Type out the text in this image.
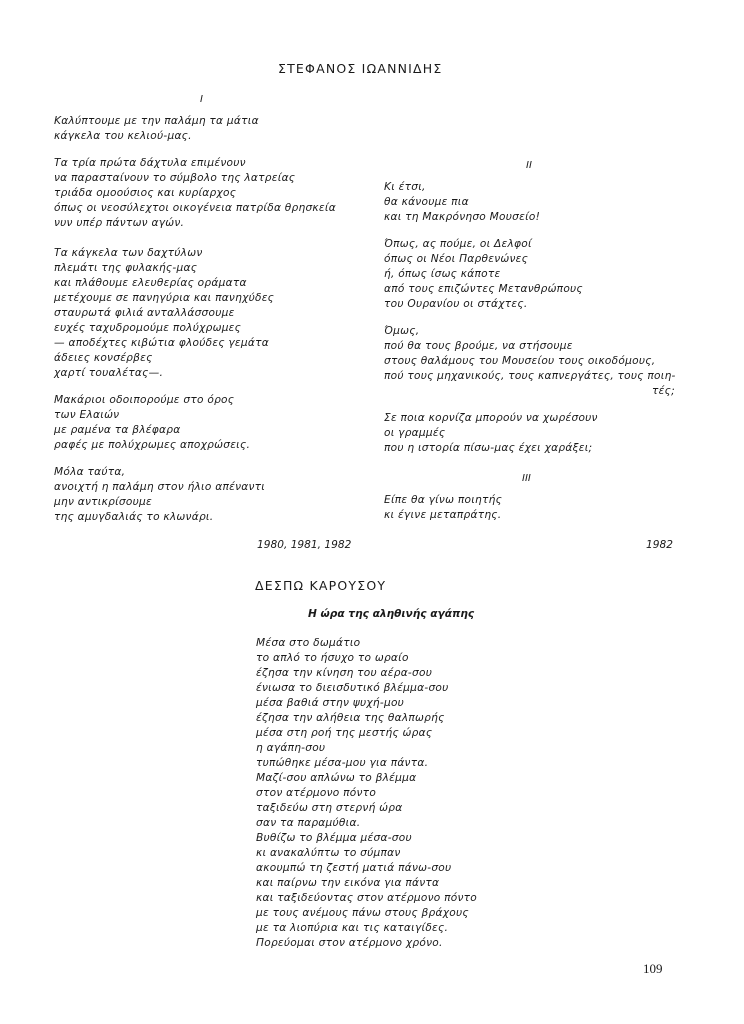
ΣΤΕΦΑΝΟΣ ΙΩΑΝΝΙΔΗΣ
I
Καλύπτουμε με την παλάμη τα μάτια
κάγκελα του κελιού-μας.
Τα τρία πρώτα δάχτυλα επιμένουν
να παρασταίνουν το σύμβολο της λατρείας
τριάδα ομοούσιος και κυρίαρχος
όπως οι νεοσύλεχτοι οικογένεια πατρίδα θρησκεία
νυν υπέρ πάντων αγών.
Τα κάγκελα των δαχτύλων
πλεμάτι της φυλακής-μας
και πλάθουμε ελευθερίας οράματα
μετέχουμε σε πανηγύρια και πανηχύδες
σταυρωτά φιλιά ανταλλάσσουμε
ευχές ταχυδρομούμε πολύχρωμες
— αποδέχτες κιβώτια φλούδες γεμάτα
άδειες κονσέρβες
χαρτί τουαλέτας—.
Μακάριοι οδοιπορούμε στο όρος
των Ελαιών
με ραμένα τα βλέφαρα
ραφές με πολύχρωμες αποχρώσεις.
Μόλα ταύτα,
ανοιχτή η παλάμη στον ήλιο απέναντι
μην αντικρίσουμε
της αμυγδαλιάς το κλωνάρι.
1980, 1981, 1982
II
Κι έτσι,
θα κάνουμε πια
και τη Μακρόνησο Μουσείο!
Όπως, ας πούμε, οι Δελφοί
όπως οι Νέοι Παρθενώνες
ή, όπως ίσως κάποτε
από τους επιζώντες Μετανθρώπους
του Ουρανίου οι στάχτες.
Όμως,
πού θα τους βρούμε, να στήσουμε
στους θαλάμους του Μουσείου τους οικοδόμους,
πού τους μηχανικούς, τους καπνεργάτες, τους ποιη-
τές;
Σε ποια κορνίζα μπορούν να χωρέσουν
οι γραμμές
που η ιστορία πίσω-μας έχει χαράξει;
III
Είπε θα γίνω ποιητής
κι έγινε μεταπράτης.
1982
ΔΕΣΠΩ ΚΑΡΟΥΣΟΥ
Η ώρα της αληθινής αγάπης
Μέσα στο δωμάτιο
το απλό το ήσυχο το ωραίο
έζησα την κίνηση του αέρα-σου
ένιωσα το διεισδυτικό βλέμμα-σου
μέσα βαθιά στην ψυχή-μου
έζησα την αλήθεια της θαλπωρής
μέσα στη ροή της μεστής ώρας
η αγάπη-σου
τυπώθηκε μέσα-μου για πάντα.
Μαζί-σου απλώνω το βλέμμα
στον ατέρμονο πόντο
ταξιδεύω στη στερνή ώρα
σαν τα παραμύθια.
Βυθίζω το βλέμμα μέσα-σου
κι ανακαλύπτω το σύμπαν
ακουμπώ τη ζεστή ματιά πάνω-σου
και παίρνω την εικόνα για πάντα
και ταξιδεύοντας στον ατέρμονο πόντο
με τους ανέμους πάνω στους βράχους
με τα λιοπύρια και τις καταιγίδες.
Πορεύομαι στον ατέρμονο χρόνο.
109
